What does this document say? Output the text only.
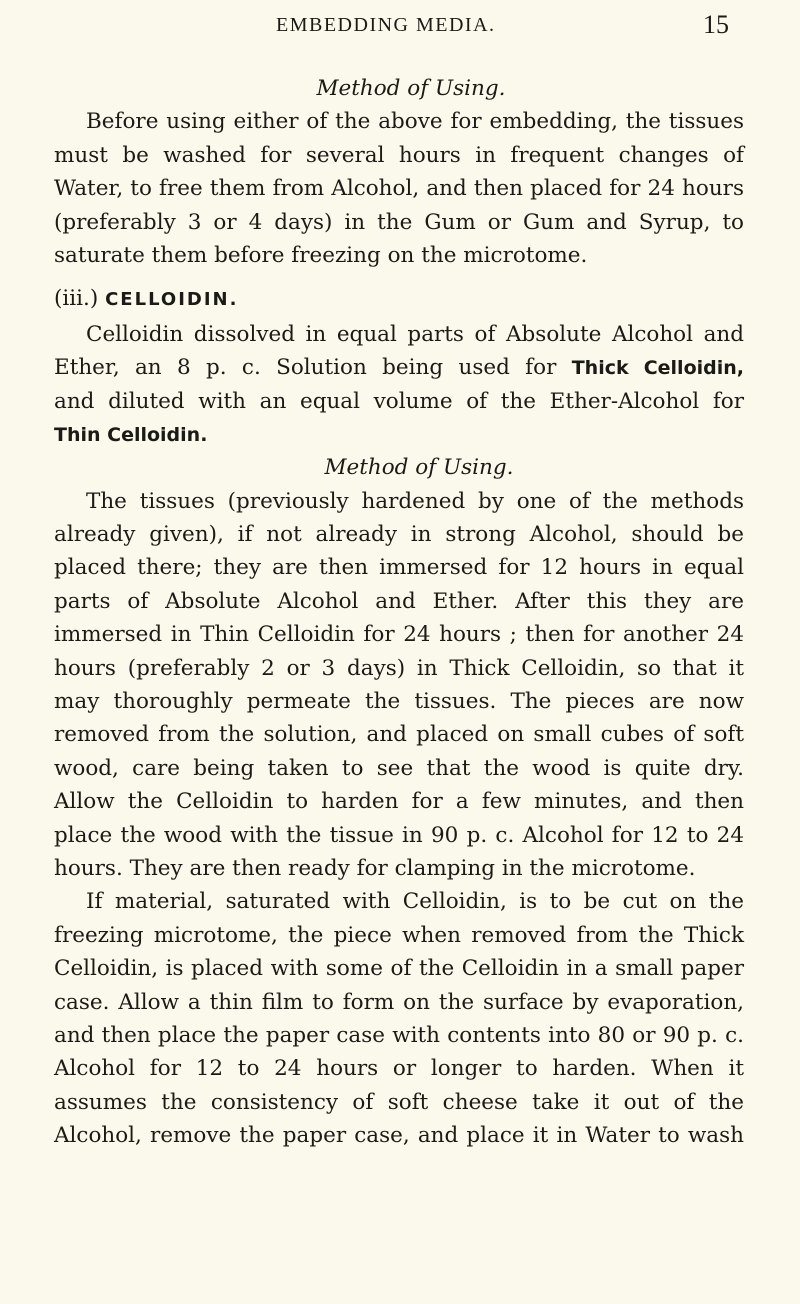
EMBEDDING MEDIA.	15
Method of Using.
Before using either of the above for embedding, the tissues
must be washed for several hours in frequent changes of
Water, to free them from Alcohol, and then placed for 24 hours
(preferably 3 or 4 days) in the Gum or Gum and Syrup, to
saturate them before freezing on the microtome.
(iii.) CELLOIDIN.
Celloidin dissolved in equal parts of Absolute Alcohol and
Ether, an 8 p. c. Solution being used for Thick Celloidin,
and diluted with an equal volume of the Ether-Alcohol for
Thin Celloidin.
Method of Using.
The tissues (previously hardened by one of the methods
already given), if not already in strong Alcohol, should be
placed there; they are then immersed for 12 hours in equal
parts of Absolute Alcohol and Ether. After this they are
immersed in Thin Celloidin for 24 hours ; then for another 24
hours (preferably 2 or 3 days) in Thick Celloidin, so that it
may thoroughly permeate the tissues. The pieces are now
removed from the solution, and placed on small cubes of soft
wood, care being taken to see that the wood is quite dry.
Allow the Celloidin to harden for a few minutes, and then
place the wood with the tissue in 90 p. c. Alcohol for 12 to 24
hours. They are then ready for clamping in the microtome.
If material, saturated with Celloidin, is to be cut on the
freezing microtome, the piece when removed from the Thick
Celloidin, is placed with some of the Celloidin in a small paper
case. Allow a thin film to form on the surface by evaporation,
and then place the paper case with contents into 80 or 90 p. c.
Alcohol for 12 to 24 hours or longer to harden. When it
assumes the consistency of soft cheese take it out of the
Alcohol, remove the paper case, and place it in Water to wash
